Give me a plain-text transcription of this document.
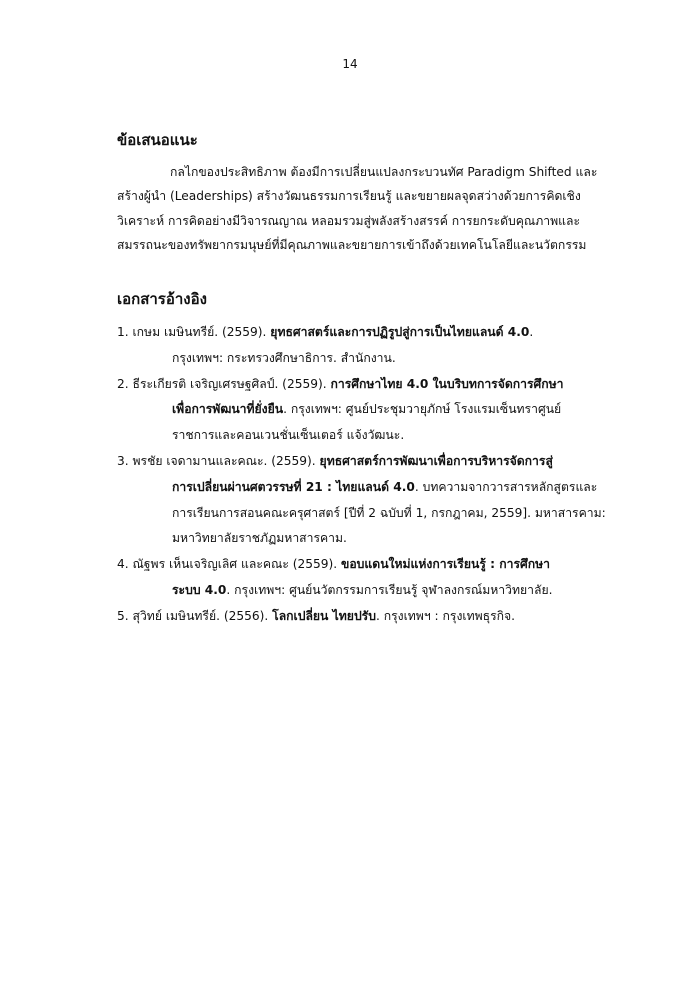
14
ข้อเสนอแนะ

กลไกของประสิทธิภาพ ต้องมีการเปลี่ยนแปลงกระบวนทัศ Paradigm Shifted และ
สร้างผู้นำ (Leaderships) สร้างวัฒนธรรมการเรียนรู้ และขยายผลจุดสว่างด้วยการคิดเชิง
วิเคราะห์ การคิดอย่างมีวิจารณญาณ หลอมรวมสู่พลังสร้างสรรค์ การยกระดับคุณภาพและ
สมรรถนะของทรัพยากรมนุษย์ที่มีคุณภาพและขยายการเข้าถึงด้วยเทคโนโลยีและนวัตกรรม

เอกสารอ้างอิง
1. เกษม เมษินทรีย์. (2559). ยุทธศาสตร์และการปฏิรูปสู่การเป็นไทยแลนด์ 4.0.
กรุงเทพฯ: กระทรวงศึกษาธิการ. สำนักงาน.
2. ธีระเกียรติ เจริญเศรษฐศิลป์. (2559). การศึกษาไทย 4.0 ในบริบทการจัดการศึกษา
เพื่อการพัฒนาที่ยั่งยืน. กรุงเทพฯ: ศูนย์ประชุมวายุภักษ์ โรงแรมเซ็นทราศูนย์
ราชการและคอนเวนชั่นเซ็นเตอร์ แจ้งวัฒนะ.
3. พรชัย เจดามานและคณะ. (2559). ยุทธศาสตร์การพัฒนาเพื่อการบริหารจัดการสู่
การเปลี่ยนผ่านศตวรรษที่ 21 : ไทยแลนด์ 4.0. บทความจากวารสารหลักสูตรและ
การเรียนการสอนคณะครุศาสตร์ [ปีที่ 2 ฉบับที่ 1, กรกฎาคม, 2559]. มหาสารคาม:
มหาวิทยาลัยราชภัฏมหาสารคาม.
4. ณัฐพร เห็นเจริญเลิศ และคณะ (2559). ขอบแดนใหม่แห่งการเรียนรู้ : การศึกษา
ระบบ 4.0. กรุงเทพฯ: ศูนย์นวัตกรรมการเรียนรู้ จุฬาลงกรณ์มหาวิทยาลัย.
5. สุวิทย์ เมษินทรีย์. (2556). โลกเปลี่ยน ไทยปรับ. กรุงเทพฯ : กรุงเทพธุรกิจ.
